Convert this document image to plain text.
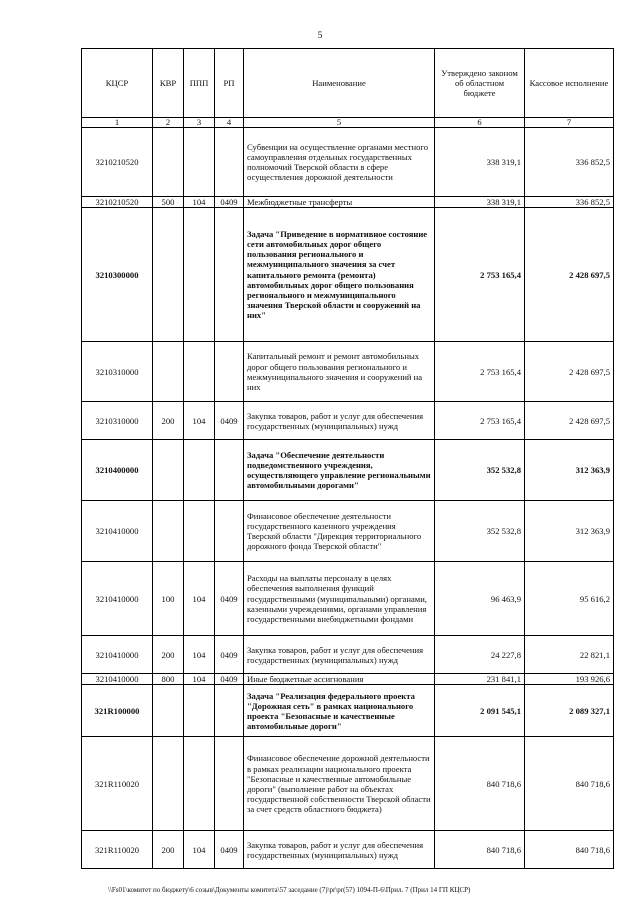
5
КЦСР	КВР	ППП	РП	Наименование	Утверждено законом об областном бюджете	Кассовое исполнение
1	2	3	4	5	6	7
3210210520				Субвенции на осуществление органами местного самоуправления отдельных государственных полномочий Тверской области в сфере осуществления дорожной деятельности	338 319,1	336 852,5
3210210520	500	104	0409	Межбюджетные трансферты	338 319,1	336 852,5
3210300000				Задача "Приведение в нормативное состояние сети автомобильных дорог общего пользования регионального и межмуниципального значения за счет капитального ремонта (ремонта) автомобильных дорог общего пользования регионального и межмуниципального значения Тверской области и сооружений на них"	2 753 165,4	2 428 697,5
3210310000				Капитальный ремонт и ремонт автомобильных дорог общего пользования регионального и межмуниципального значения и сооружений на них	2 753 165,4	2 428 697,5
3210310000	200	104	0409	Закупка товаров, работ и услуг для обеспечения государственных (муниципальных) нужд	2 753 165,4	2 428 697,5
3210400000				Задача "Обеспечение деятельности подведомственного учреждения, осуществляющего управление региональными автомобильными дорогами"	352 532,8	312 363,9
3210410000				Финансовое обеспечение деятельности государственного казенного учреждения Тверской области "Дирекция территориального дорожного фонда Тверской области"	352 532,8	312 363,9
3210410000	100	104	0409	Расходы на выплаты персоналу в целях обеспечения выполнения функций государственными (муниципальными) органами, казенными учреждениями, органами управления государственными внебюджетными фондами	96 463,9	95 616,2
3210410000	200	104	0409	Закупка товаров, работ и услуг для обеспечения государственных (муниципальных) нужд	24 227,8	22 821,1
3210410000	800	104	0409	Иные бюджетные ассигнования	231 841,1	193 926,6
321R100000				Задача "Реализация федерального проекта "Дорожная сеть" в рамках национального проекта "Безопасные и качественные автомобильные дороги"	2 091 545,1	2 089 327,1
321R110020				Финансовое обеспечение дорожной деятельности в рамках реализации национального проекта "Безопасные и качественные автомобильные дороги" (выполнение работ на объектах государственной собственности Тверской области за счет средств областного бюджета)	840 718,6	840 718,6
321R110020	200	104	0409	Закупка товаров, работ и услуг для обеспечения государственных (муниципальных) нужд	840 718,6	840 718,6
\\Fs01\комитет по бюджету\6 созыв\Документы комитета\57 заседание (7)\pr\pr(57) 1094-П-6\Прил. 7 (Прил 14 ГП КЦСР)
